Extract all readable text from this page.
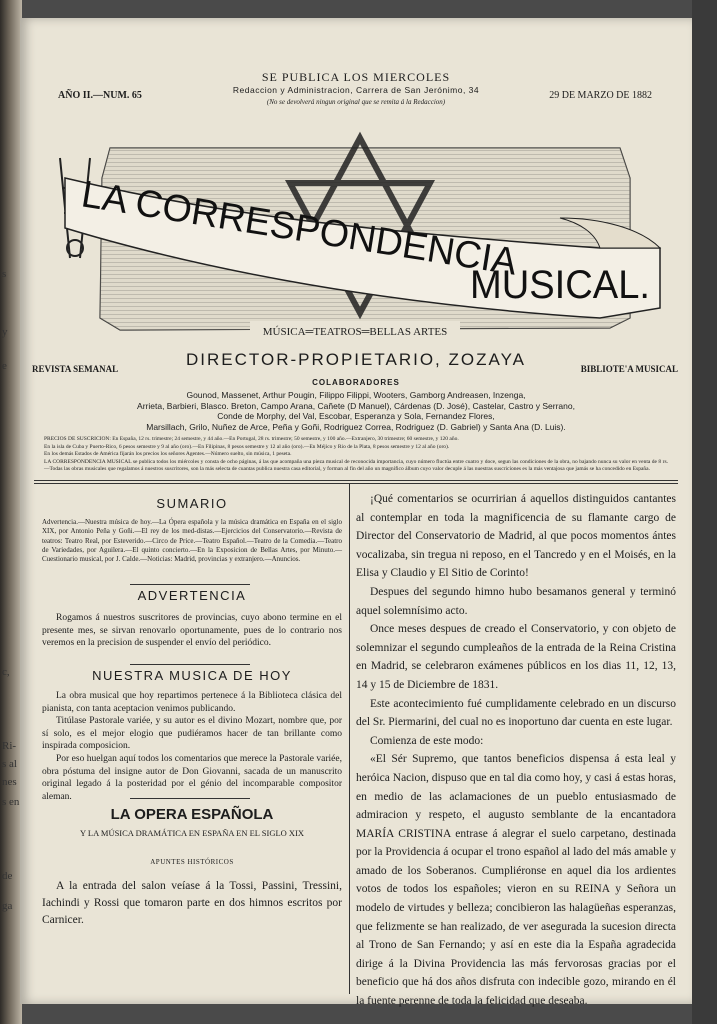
s
y
e
c,
Ri-
s al
nes
s en
de
ga
SE PUBLICA LOS MIERCOLES
Redaccion y Administracion, Carrera de San Jerónimo, 34
(No se devolverá ningun original que se remita á la Redaccion)
AÑO II.—NUM. 65	29 DE MARZO DE 1882
LA CORRESPONDENCIA
MUSICAL.
MÚSICA═TEATROS═BELLAS ARTES
DIRECTOR-PROPIETARIO, ZOZAYA
REVISTA SEMANAL	BIBLIOTE'A MUSICAL
COLABORADORES
Gounod, Massenet, Arthur Pougin, Filippo Filippi, Wooters, Gamborg Andreasen, Inzenga,
Arrieta, Barbieri, Blasco. Breton, Campo Arana, Cañete (D Manuel), Cárdenas (D. José), Castelar, Castro y Serrano,
Conde de Morphy, del Val, Escobar, Esperanza y Sola, Fernandez Flores,
Marsillach, Grilo, Nuñez de Arce, Peña y Goñi, Rodriguez Correa, Rodriguez (D. Gabriel) y Santa Ana (D. Luis).
PRECIOS DE SUSCRICION: En España, 12 rs. trimestre; 24 semestre, y 44 año.—En Portugal, 28 rs. trimestre; 50 semestre, y 100 año.—Extranjero, 30 trimestre; 60 semestre, y 120 año.
En la isla de Cuba y Puerto-Rico, 6 pesos semestre y 9 al año (oro).—En Filipinas, 8 pesos semestre y 12 al año (oro).—En Méjico y Rio de la Plata, 8 pesos semestre y 12 al año (oro).
En los demás Estados de América fijarán los precios los señores Agentes.—Número suelto, sin música, 1 peseta.
LA CORRESPONDENCIA MUSICAL se publica todos los miércoles y consta de ocho páginas, á las que acompaña una pieza musical de reconocida importancia, cuyo número fluctúa entre cuatro y doce, segun las condiciones de la obra, no bajando nunca su valor en venta de 8 rs.—Todas las obras musicales que regalamos á nuestros suscritores, son la más selecta de cuantas publica nuestra casa editorial, y forman al fin del año un magnífico álbum cuyo valor decuple á las nuestras suscriciones es la más ventajosa que jamás se ha concedido en España.
SUMARIO
Advertencia.—Nuestra música de hoy.—La Ópera española y la música dramática en España en el siglo XIX, por Antonio Peña y Goñi.—El rey de los med-distas.—Ejercicios del Conservatorio.—Revista de teatros: Teatro Real, por Esteverido.—Circo de Price.—Teatro Español.—Teatro de la Comedia.—Teatro de Variedades, por Aguilera.—El quinto concierto.—En la Exposicion de Bellas Artes, por Minuto.—Cuestionario musical, por J. Calde.—Noticias: Madrid, provincias y extranjero.—Anuncios.
ADVERTENCIA
Rogamos á nuestros suscritores de provincias, cuyo abono termine en el presente mes, se sirvan renovarlo oportunamente, pues de lo contrario nos veremos en la precision de suspender el envío del periódico.
NUESTRA MUSICA DE HOY

La obra musical que hoy repartimos pertenece á la Biblioteca clásica del pianista, con tanta aceptacion venimos publicando.

Titúlase Pastorale variée, y su autor es el divino Mozart, nombre que, por sí solo, es el mejor elogio que pudiéramos hacer de tan brillante como inspirada composicion.

Por eso huelgan aquí todos los comentarios que merece la Pastorale variée, obra póstuma del insigne autor de Don Giovanni, sacada de un manuscrito original legado á la posteridad por el génio del incomparable compositor aleman.

LA OPERA ESPAÑOLA
Y LA MÚSICA DRAMÁTICA EN ESPAÑA EN EL SIGLO XIX
APUNTES HISTÓRICOS
A la entrada del salon veíase á la Tossi, Passini, Tressini, Iachindi y Rossi que tomaron parte en dos himnos escritos por Carnicer.

¡Qué comentarios se ocurririan á aquellos distinguidos cantantes al contemplar en toda la magnificencia de su flamante cargo de Director del Conservatorio de Madrid, al que pocos momentos ántes vocalizaba, sin tregua ni reposo, en el Tancredo y en el Moisés, en la Elisa y Claudio y El Sitio de Corinto!

Despues del segundo himno hubo besamanos general y terminó aquel solemnísimo acto.

Once meses despues de creado el Conservatorio, y con objeto de solemnizar el segundo cumpleaños de la entrada de la Reina Cristina en Madrid, se celebraron exámenes públicos en los dias 11, 12, 13, 14 y 15 de Diciembre de 1831.

Este acontecimiento fué cumplidamente celebrado en un discurso del Sr. Piermarini, del cual no es inoportuno dar cuenta en este lugar.

Comienza de este modo:

«El Sér Supremo, que tantos beneficios dispensa á esta leal y heróica Nacion, dispuso que en tal dia como hoy, y casi á estas horas, en medio de las aclamaciones de un pueblo entusiasmado de admiracion y respeto, el augusto semblante de la encantadora MARÍA CRISTINA entrase á alegrar el suelo carpetano, destinada por la Providencia á ocupar el trono español al lado del más amable y amado de los Soberanos. Cumpliéronse en aquel dia los ardientes votos de todos los españoles; vieron en su REINA y Señora un modelo de virtudes y belleza; concibieron las halagüeñas esperanzas, que felizmente se han realizado, de ver asegurada la sucesion directa al Trono de San Fernando; y así en este dia la España agradecida dirige á la Divina Providencia las más fervorosas gracias por el beneficio que há dos años disfruta con indecible gozo, mirando en él la fuente perenne de toda la felicidad que deseaba.
